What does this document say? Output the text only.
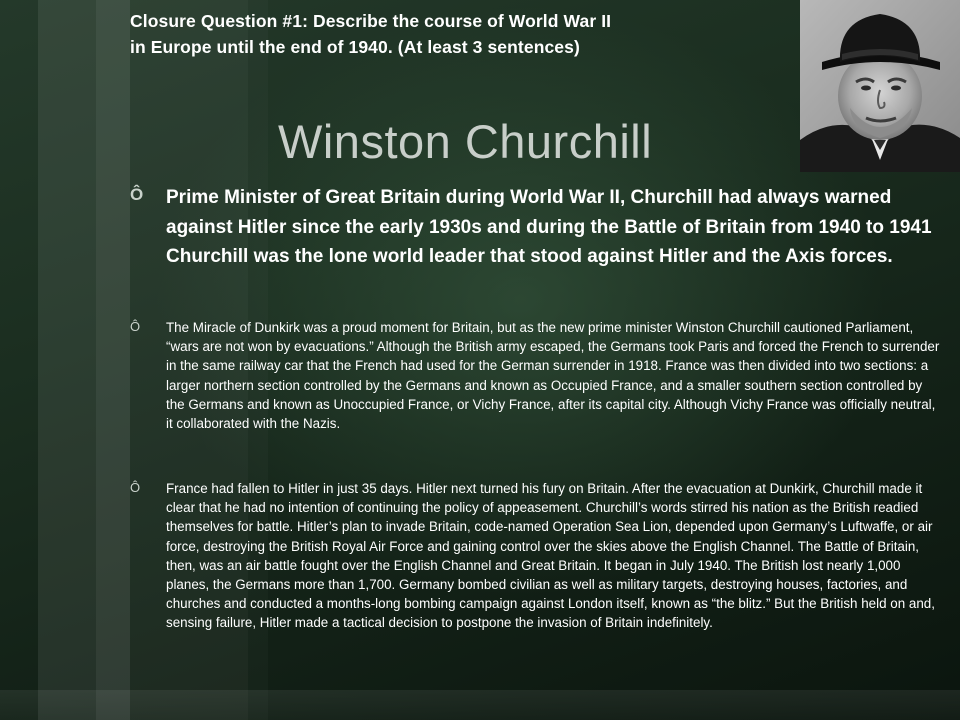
Closure Question #1: Describe the course of World War II
in Europe until the end of 1940. (At least 3 sentences)

Winston Churchill
Ô	Prime Minister of Great Britain during World War II, Churchill had always warned against Hitler since the early 1930s and during the Battle of Britain from 1940 to 1941 Churchill was the lone world leader that stood against Hitler and the Axis forces.

Ô	The Miracle of Dunkirk was a proud moment for Britain, but as the new prime minister Winston Churchill cautioned Parliament, “wars are not won by evacuations.” Although the British army escaped, the Germans took Paris and forced the French to surrender in the same railway car that the French had used for the German surrender in 1918. France was then divided into two sections: a larger northern section controlled by the Germans and known as Occupied France, and a smaller southern section controlled by the Germans and known as Unoccupied France, or Vichy France, after its capital city. Although Vichy France was officially neutral, it collaborated with the Nazis.

Ô	France had fallen to Hitler in just 35 days. Hitler next turned his fury on Britain. After the evacuation at Dunkirk, Churchill made it clear that he had no intention of continuing the policy of appeasement. Churchill’s words stirred his nation as the British readied themselves for battle. Hitler’s plan to invade Britain, code-named Operation Sea Lion, depended upon Germany’s Luftwaffe, or air force, destroying the British Royal Air Force and gaining control over the skies above the English Channel. The Battle of Britain, then, was an air battle fought over the English Channel and Great Britain. It began in July 1940. The British lost nearly 1,000 planes, the Germans more than 1,700. Germany bombed civilian as well as military targets, destroying houses, factories, and churches and conducted a months-long bombing campaign against London itself, known as “the blitz.” But the British held on and, sensing failure, Hitler made a tactical decision to postpone the invasion of Britain indefinitely.
